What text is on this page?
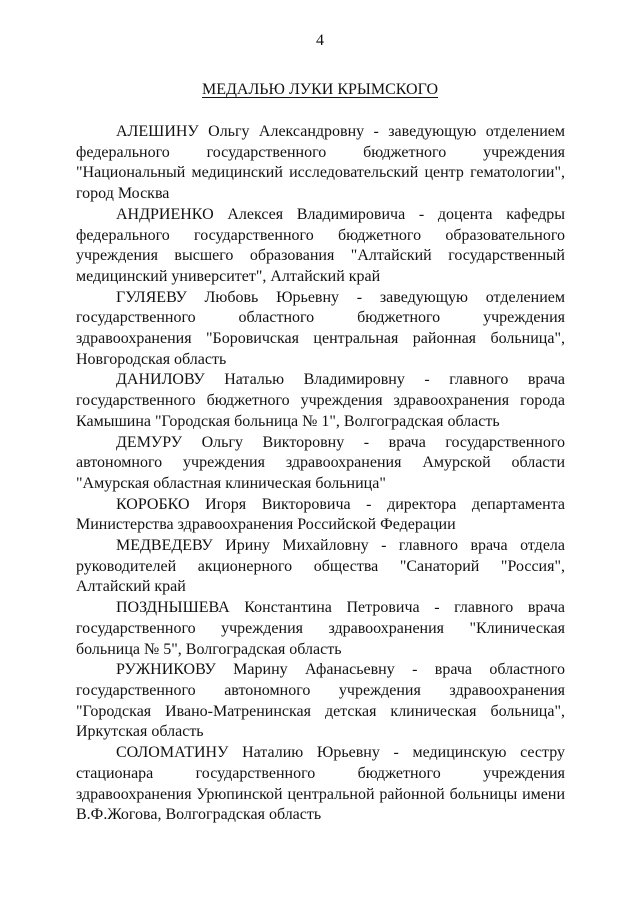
4
МЕДАЛЬЮ ЛУКИ КРЫМСКОГО

АЛЕШИНУ Ольгу Александровну - заведующую отделением федерального государственного бюджетного учреждения "Национальный медицинский исследовательский центр гематологии", город Москва

АНДРИЕНКО Алексея Владимировича - доцента кафедры федерального государственного бюджетного образовательного учреждения высшего образования "Алтайский государственный медицинский университет", Алтайский край

ГУЛЯЕВУ Любовь Юрьевну - заведующую отделением государственного областного бюджетного учреждения здравоохранения "Боровичская центральная районная больница", Новгородская область

ДАНИЛОВУ Наталью Владимировну - главного врача государственного бюджетного учреждения здравоохранения города Камышина "Городская больница № 1", Волгоградская область

ДЕМУРУ Ольгу Викторовну - врача государственного автономного учреждения здравоохранения Амурской области "Амурская областная клиническая больница"

КОРОБКО Игоря Викторовича - директора департамента Министерства здравоохранения Российской Федерации

МЕДВЕДЕВУ Ирину Михайловну - главного врача отдела руководителей акционерного общества "Санаторий "Россия", Алтайский край

ПОЗДНЫШЕВА Константина Петровича - главного врача государственного учреждения здравоохранения "Клиническая больница № 5", Волгоградская область

РУЖНИКОВУ Марину Афанасьевну - врача областного государственного автономного учреждения здравоохранения "Городская Ивано-Матренинская детская клиническая больница", Иркутская область

СОЛОМАТИНУ Наталию Юрьевну - медицинскую сестру стационара государственного бюджетного учреждения здравоохранения Урюпинской центральной районной больницы имени В.Ф.Жогова, Волгоградская область
